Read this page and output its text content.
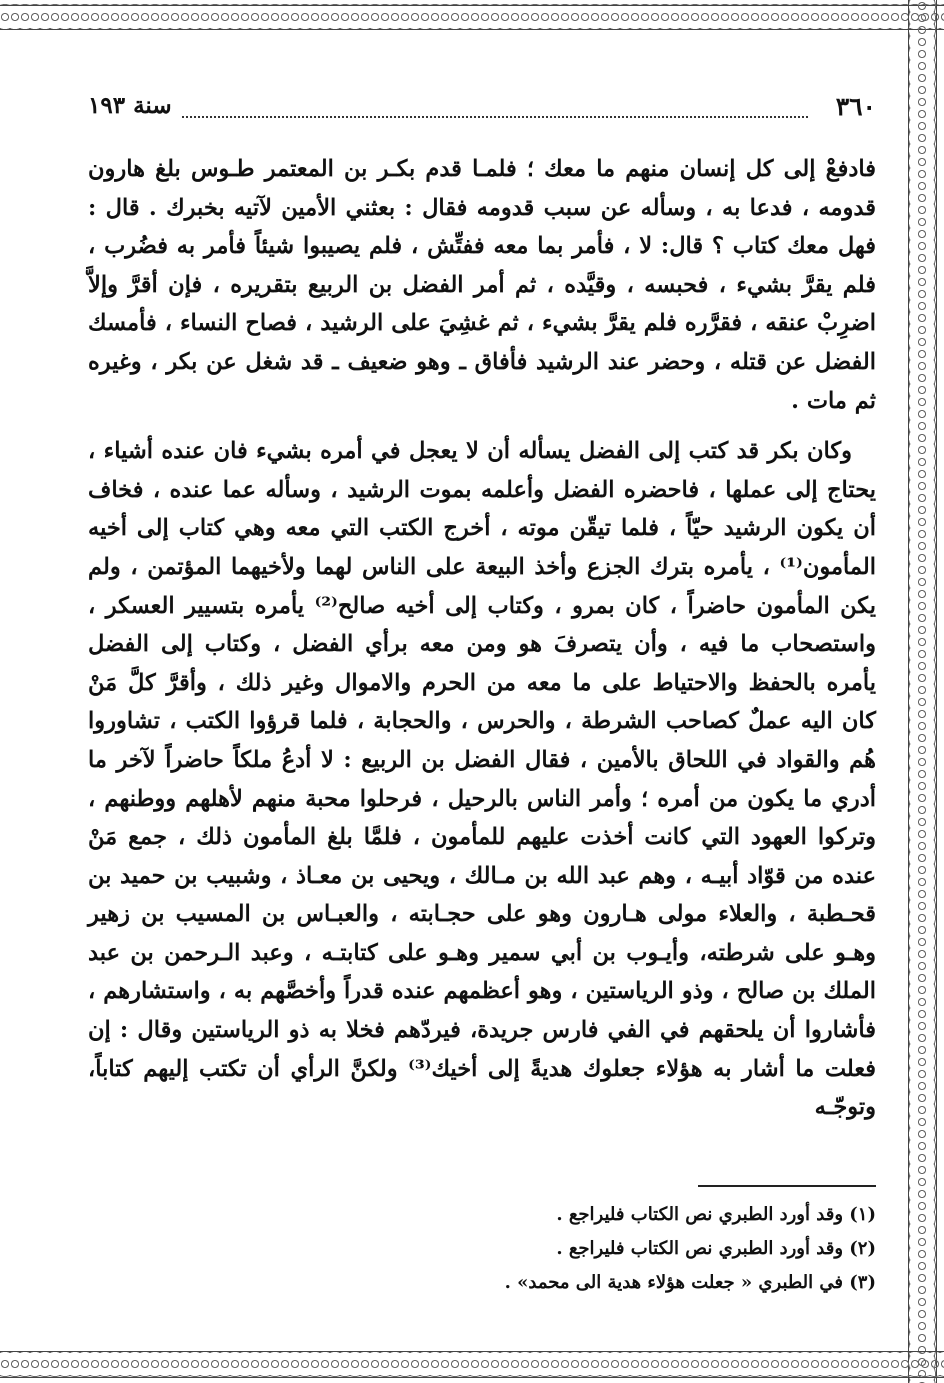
٣٦٠
سنة ١٩٣

فادفعْ إلى كل إنسان منهم ما معك ؛ فلمـا قدم بكـر بن المعتمر طـوس بلغ هارون قدومه ، فدعا به ، وسأله عن سبب قدومه فقال : بعثني الأمين لآتيه بخبرك . قال : فهل معك كتاب ؟ قال: لا ، فأمر بما معه ففتِّش ، فلم يصيبوا شيئاً فأمر به فضُرب ، فلم يقرَّ بشيء ، فحبسه ، وقيَّده ، ثم أمر الفضل بن الربيع بتقريره ، فإن أقرَّ وإلاَّ اضرِبْ عنقه ، فقرَّره فلم يقرَّ بشيء ، ثم غشِيَ على الرشيد ، فصاح النساء ، فأمسك الفضل عن قتله ، وحضر عند الرشيد فأفاق ـ وهو ضعيف ـ قد شغل عن بكر ، وغيره ثم مات .

وكان بكر قد كتب إلى الفضل يسأله أن لا يعجل في أمره بشيء فان عنده أشياء ، يحتاج إلى عملها ، فاحضره الفضل وأعلمه بموت الرشيد ، وسأله عما عنده ، فخاف أن يكون الرشيد حيّاً ، فلما تيقّن موته ، أخرج الكتب التي معه وهي كتاب إلى أخيه المأمون⁽¹⁾ ، يأمره بترك الجزع وأخذ البيعة على الناس لهما ولأخيهما المؤتمن ، ولم يكن المأمون حاضراً ، كان بمرو ، وكتاب إلى أخيه صالح⁽²⁾ يأمره بتسيير العسكر ، واستصحاب ما فيه ، وأن يتصرفَ هو ومن معه برأي الفضل ، وكتاب إلى الفضل يأمره بالحفظ والاحتياط على ما معه من الحرم والاموال وغير ذلك ، وأقرَّ كلَّ مَنْ كان اليه عملٌ كصاحب الشرطة ، والحرس ، والحجابة ، فلما قرؤوا الكتب ، تشاوروا هُم والقواد في اللحاق بالأمين ، فقال الفضل بن الربيع : لا أدعُ ملكاً حاضراً لآخر ما أدري ما يكون من أمره ؛ وأمر الناس بالرحيل ، فرحلوا محبة منهم لأهلهم ووطنهم ، وتركوا العهود التي كانت أخذت عليهم للمأمون ، فلمَّا بلغ المأمون ذلك ، جمع مَنْ عنده من قوّاد أبيـه ، وهم عبد الله بن مـالك ، ويحيى بن معـاذ ، وشبيب بن حميد بن قحـطبة ، والعلاء مولى هـارون وهو على حجـابته ، والعبـاس بن المسيب بن زهير وهـو على شرطته، وأيـوب بن أبي سمير وهـو على كتابتـه ، وعبد الـرحمن بن عبد الملك بن صالح ، وذو الرياستين ، وهو أعظمهم عنده قدراً وأخصَّهم به ، واستشارهم ، فأشاروا أن يلحقهم في الفي فارس جريدة، فيردّهم فخلا به ذو الرياستين وقال : إن فعلت ما أشار به هؤلاء جعلوك هديةً إلى أخيك⁽³⁾ ولكنَّ الرأي أن تكتب إليهم كتاباً، وتوجّـه

(١) وقد أورد الطبري نص الكتاب فليراجع .
(٢) وقد أورد الطبري نص الكتاب فليراجع .
(٣) في الطبري « جعلت هؤلاء هدية الى محمد» .
